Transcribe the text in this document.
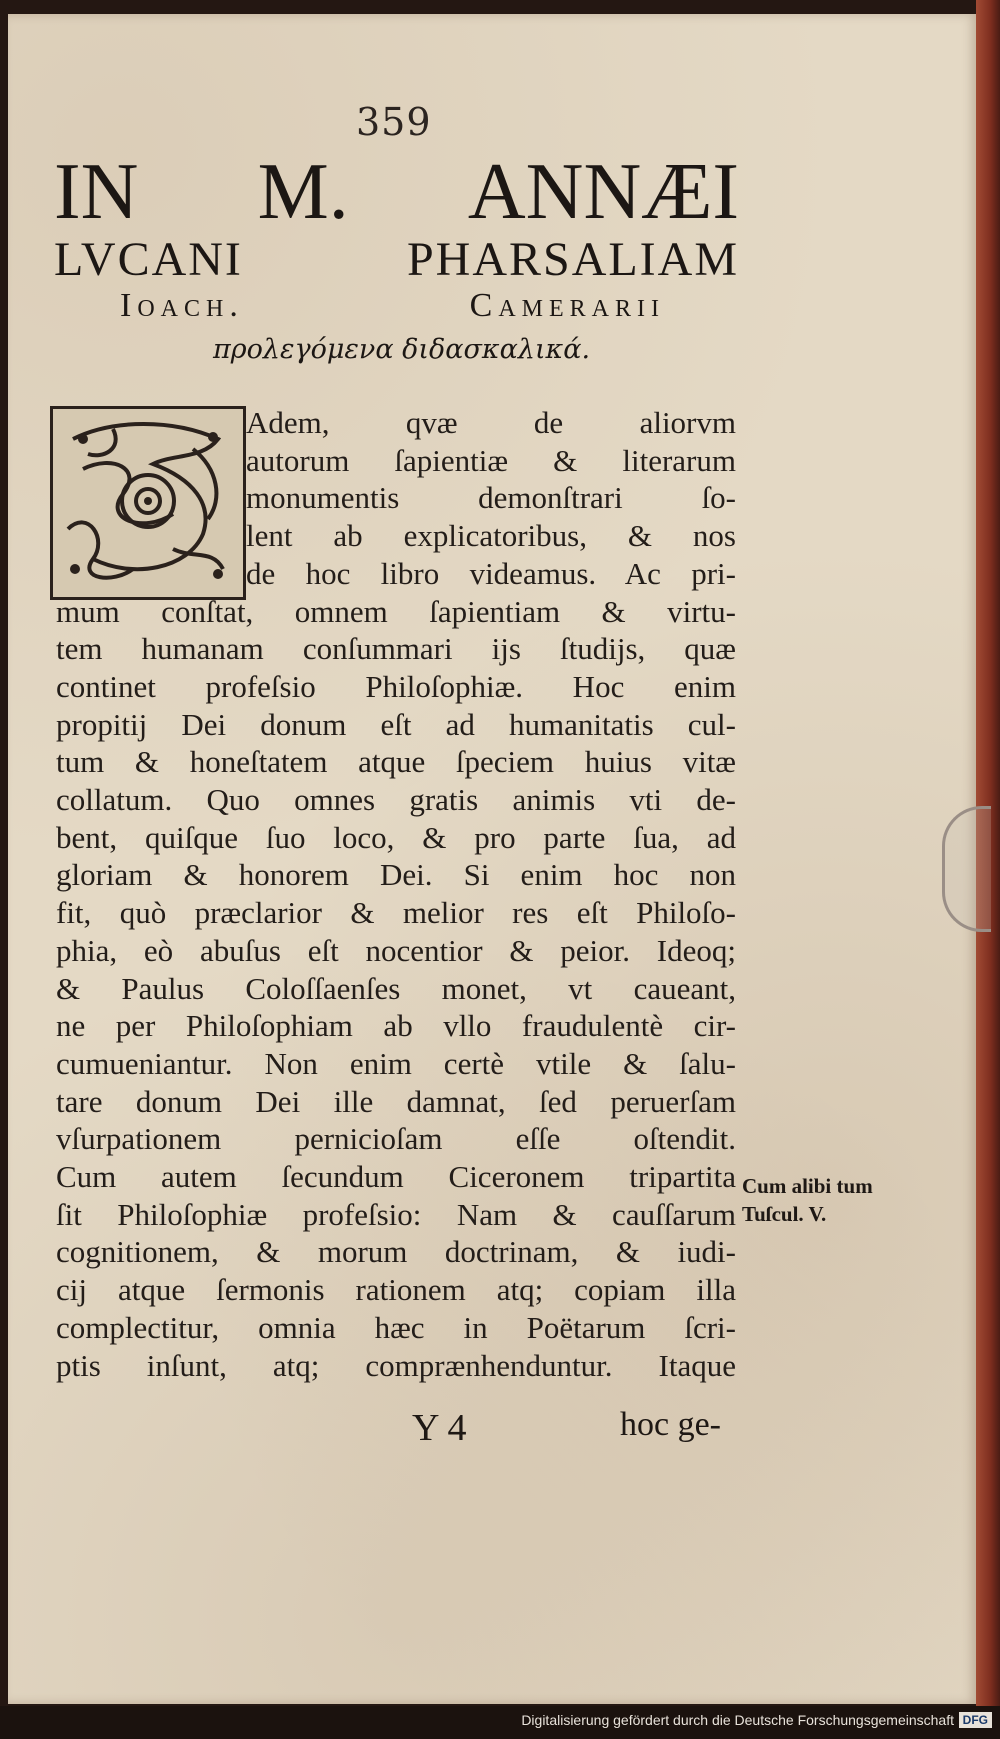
359
IN M. ANNÆI
LVCANI	PHARSALIAM
Ioach.	Camerarii
προλεγόμενα διδασκαλικά.
Adem, qvæ de aliorvm
autorum ſapientiæ & literarum
monumentis demonſtrari ſo-
lent ab explicatoribus, & nos
de hoc libro videamus. Ac pri-
mum conſtat, omnem ſapientiam & virtu-
tem humanam conſummari ijs ſtudijs, quæ
continet profeſsio Philoſophiæ. Hoc enim
propitij Dei donum eſt ad humanitatis cul-
tum & honeſtatem atque ſpeciem huius vitæ
collatum. Quo omnes gratis animis vti de-
bent, quiſque ſuo loco, & pro parte ſua, ad
gloriam & honorem Dei. Si enim hoc non
fit, quò præclarior & melior res eſt Philoſo-
phia, eò abuſus eſt nocentior & peior. Ideoq;
& Paulus Coloſſaenſes monet, vt caueant,
ne per Philoſophiam ab vllo fraudulentè cir-
cumueniantur. Non enim certè vtile & ſalu-
tare donum Dei ille damnat, ſed peruerſam
vſurpationem pernicioſam eſſe oſtendit.
Cum autem ſecundum Ciceronem tripartita
ſit Philoſophiæ profeſsio: Nam & cauſſarum
cognitionem, & morum doctrinam, & iudi-
cij atque ſermonis rationem atq; copiam illa
complectitur, omnia hæc in Poëtarum ſcri-
ptis inſunt, atq; comprænhenduntur. Itaque
Cum alibi tum
Tuſcul. V.
Y 4	hoc ge-
Digitalisierung gefördert durch die Deutsche Forschungsgemeinschaft DFG
